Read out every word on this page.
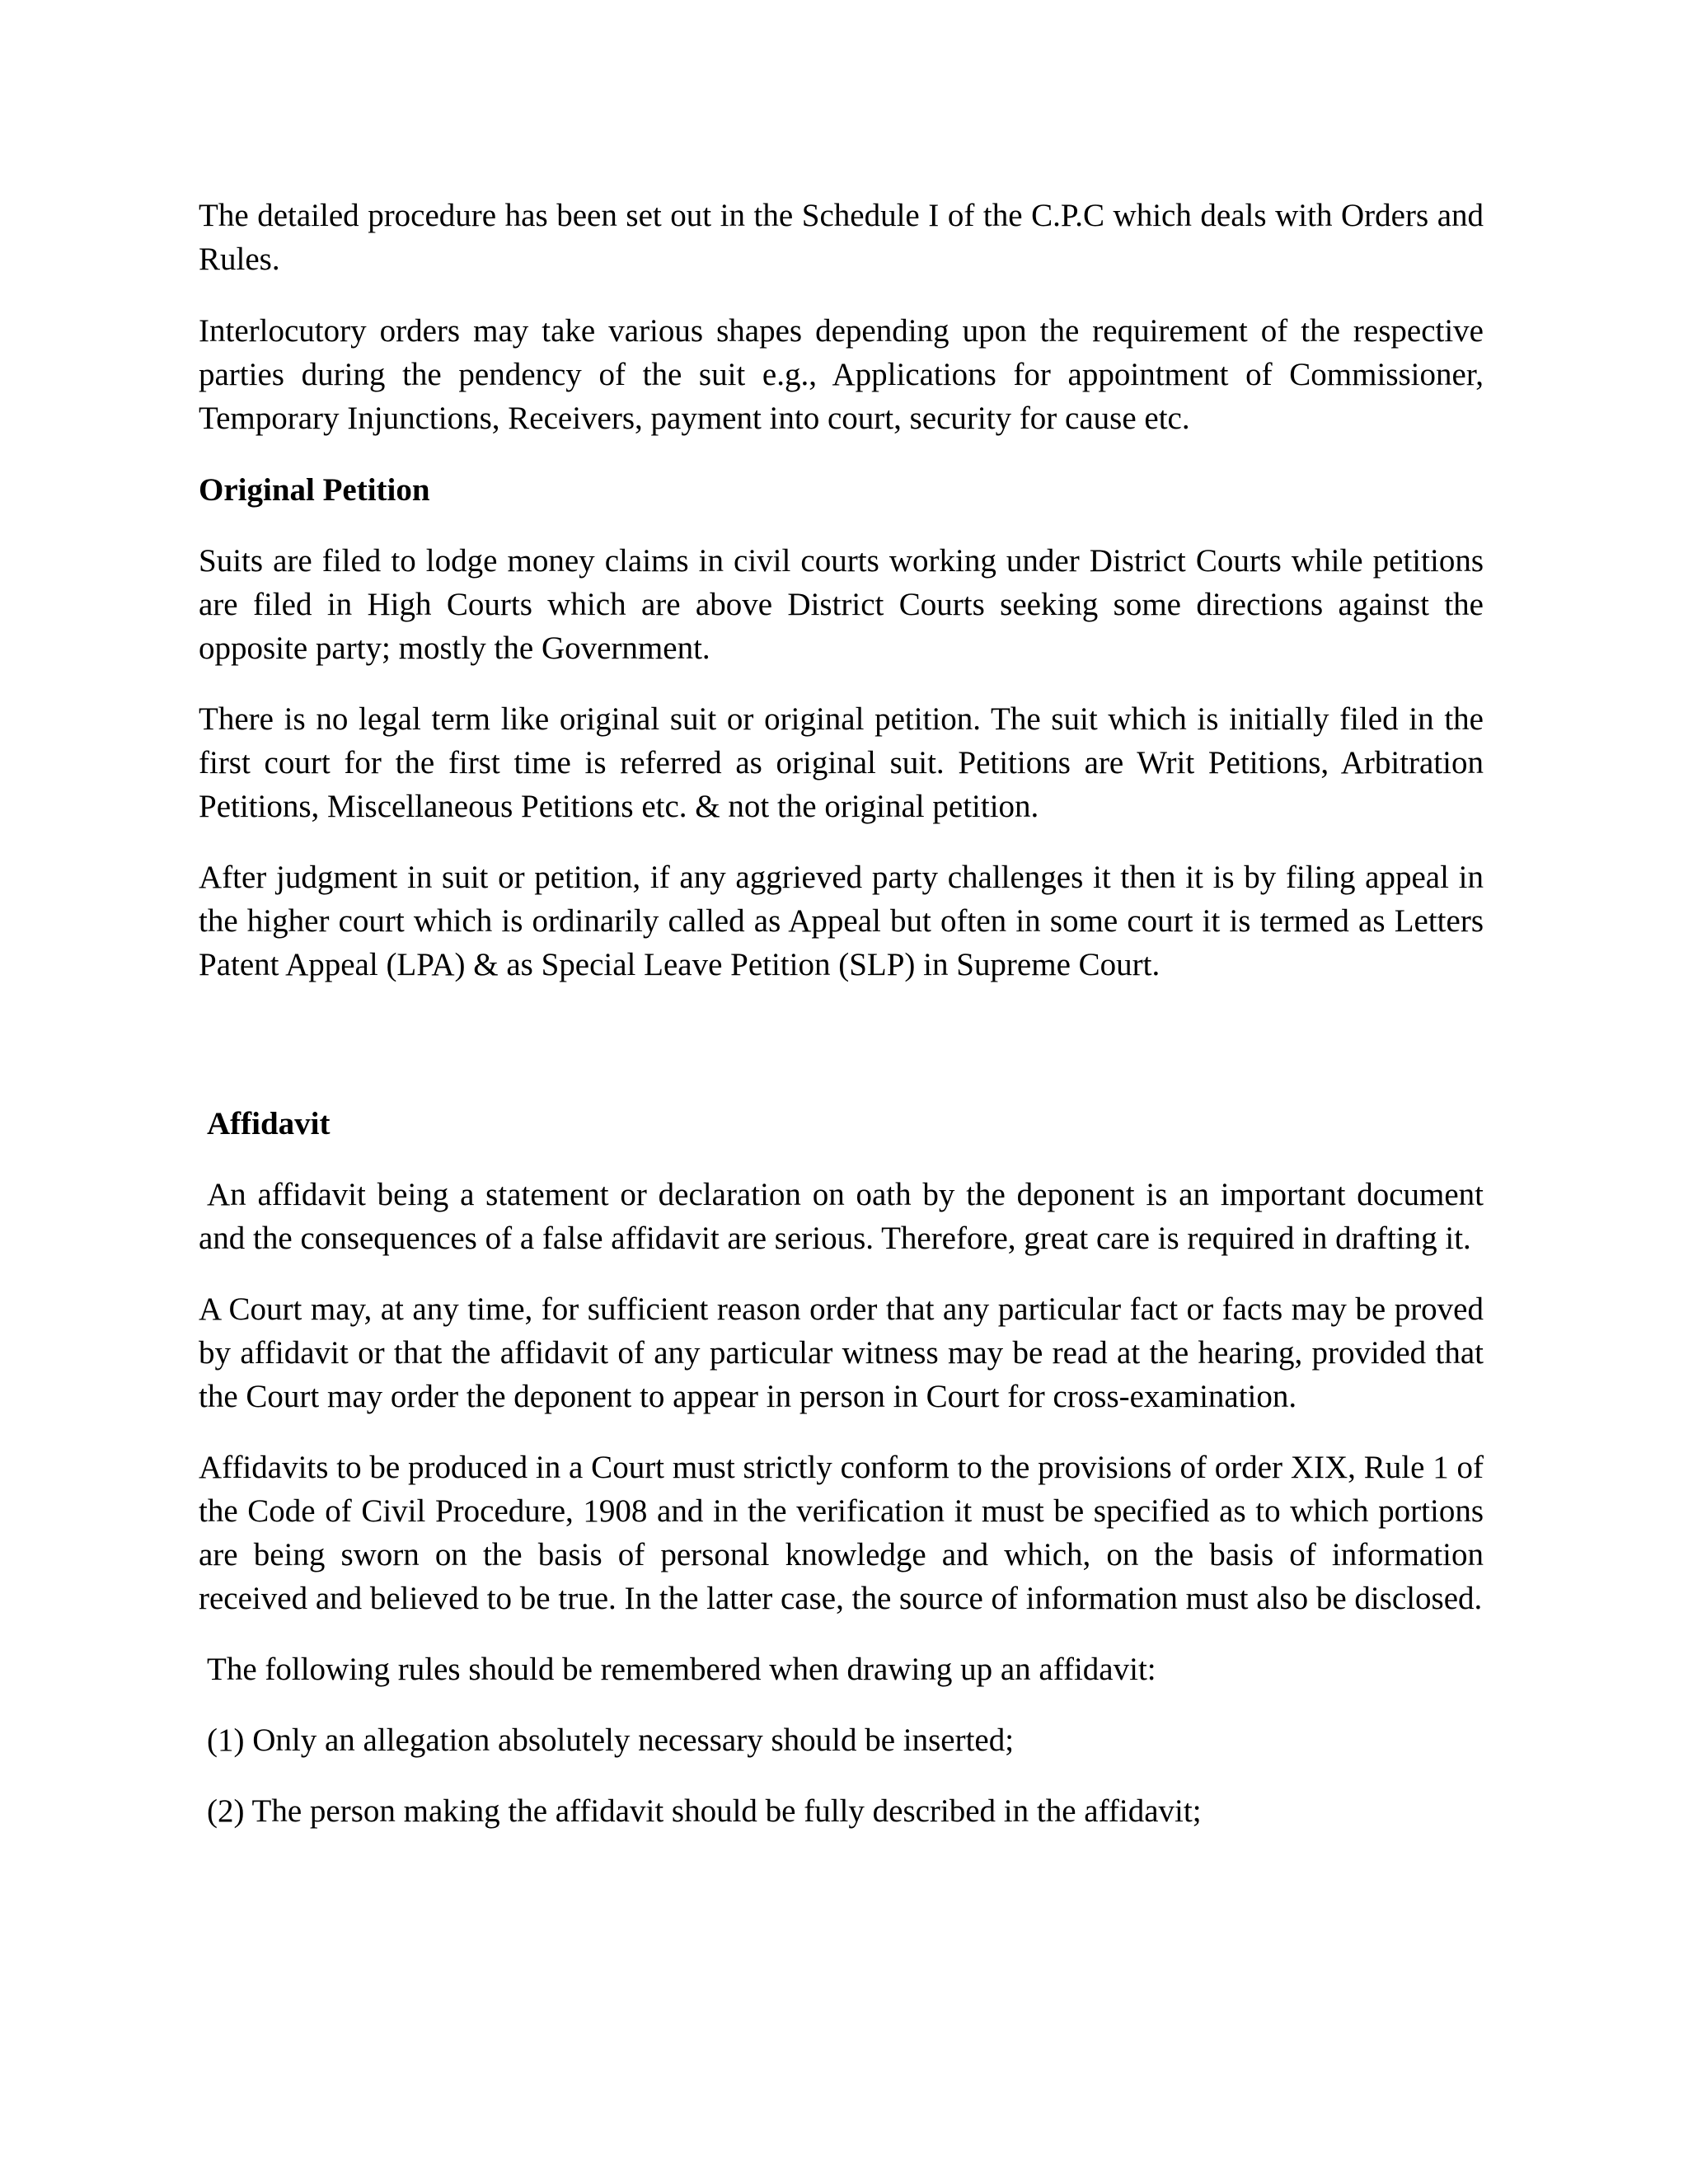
The detailed procedure has been set out in the Schedule I of the C.P.C which deals with Orders and Rules.

Interlocutory orders may take various shapes depending upon the requirement of the respective parties during the pendency of the suit e.g., Applications for appointment of Commissioner, Temporary Injunctions, Receivers, payment into court, security for cause etc.

Original Petition

Suits are filed to lodge money claims in civil courts working under District Courts while petitions are filed in High Courts which are above District Courts seeking some directions against the opposite party; mostly the Government.

There is no legal term like original suit or original petition. The suit which is initially filed in the first court for the first time is referred as original suit. Petitions are Writ Petitions, Arbitration Petitions, Miscellaneous Petitions etc. & not the original petition.

After judgment in suit or petition, if any aggrieved party challenges it then it is by filing appeal in the higher court which is ordinarily called as Appeal but often in some court it is termed as Letters Patent Appeal (LPA) & as Special Leave Petition (SLP) in Supreme Court.

Affidavit

An affidavit being a statement or declaration on oath by the deponent is an important document and the consequences of a false affidavit are serious. Therefore, great care is required in drafting it.

A Court may, at any time, for sufficient reason order that any particular fact or facts may be proved by affidavit or that the affidavit of any particular witness may be read at the hearing, provided that the Court may order the deponent to appear in person in Court for cross-examination.

Affidavits to be produced in a Court must strictly conform to the provisions of order XIX, Rule 1 of the Code of Civil Procedure, 1908 and in the verification it must be specified as to which portions are being sworn on the basis of personal knowledge and which, on the basis of information received and believed to be true. In the latter case, the source of information must also be disclosed.

The following rules should be remembered when drawing up an affidavit:

(1) Only an allegation absolutely necessary should be inserted;

(2) The person making the affidavit should be fully described in the affidavit;
